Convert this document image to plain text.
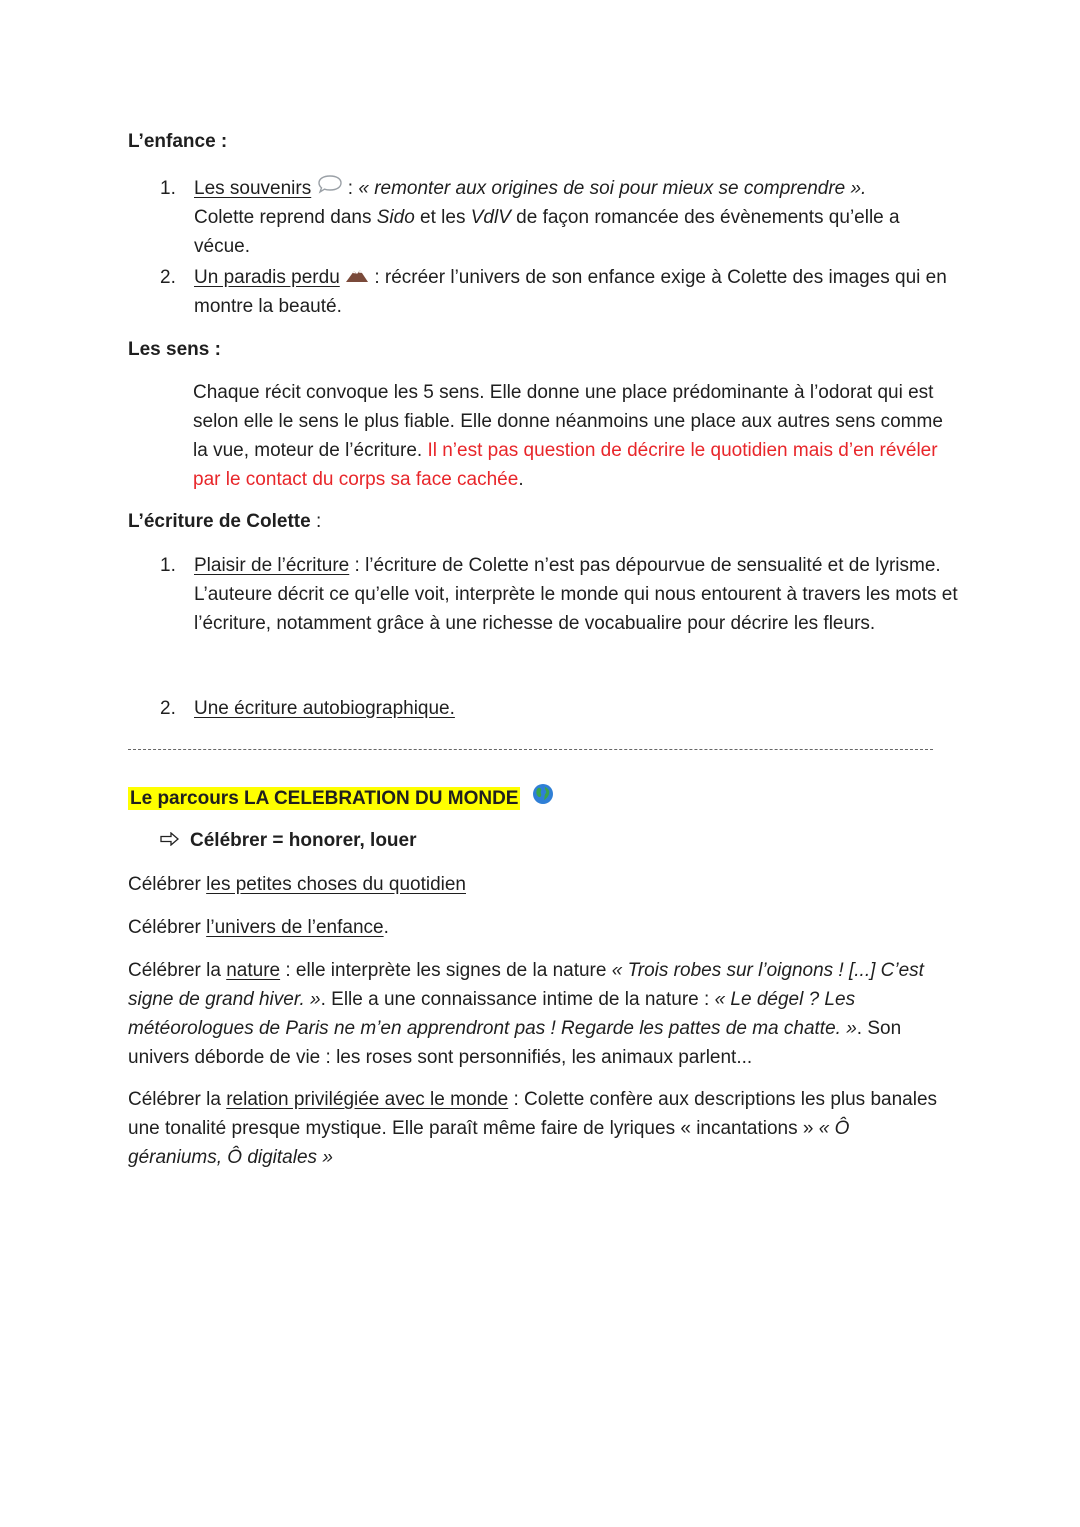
L’enfance :
1. Les souvenirs  : « remonter aux origines de soi pour mieux se comprendre ».
Colette reprend dans Sido et les VdlV de façon romancée des évènements qu’elle a vécue.
2. Un paradis perdu  : récréer l’univers de son enfance exige à Colette des images qui en montre la beauté.
Les sens :
Chaque récit convoque les 5 sens. Elle donne une place prédominante à l’odorat qui est selon elle le sens le plus fiable. Elle donne néanmoins une place aux autres sens comme la vue, moteur de l’écriture. Il n’est pas question de décrire le quotidien mais d’en révéler par le contact du corps sa face cachée.
L’écriture de Colette :
1. Plaisir de l’écriture : l’écriture de Colette n’est pas dépourvue de sensualité et de lyrisme. L’auteure décrit ce qu’elle voit, interprète le monde qui nous entourent à travers les mots et l’écriture, notamment grâce à une richesse de vocabualire pour décrire les fleurs.
2. Une écriture autobiographique.
Le parcours LA CELEBRATION DU MONDE
Célébrer = honorer, louer
Célébrer les petites choses du quotidien
Célébrer l’univers de l’enfance.
Célébrer la nature : elle interprète les signes de la nature « Trois robes sur l’oignons ! [...] C’est signe de grand hiver. ». Elle a une connaissance intime de la nature : « Le dégel ? Les météorologues de Paris ne m’en apprendront pas ! Regarde les pattes de ma chatte. ». Son univers déborde de vie : les roses sont personnifiés, les animaux parlent...
Célébrer la relation privilégiée avec le monde : Colette confère aux descriptions les plus banales une tonalité presque mystique. Elle paraît même faire de lyriques « incantations » « Ô géraniums, Ô digitales »
